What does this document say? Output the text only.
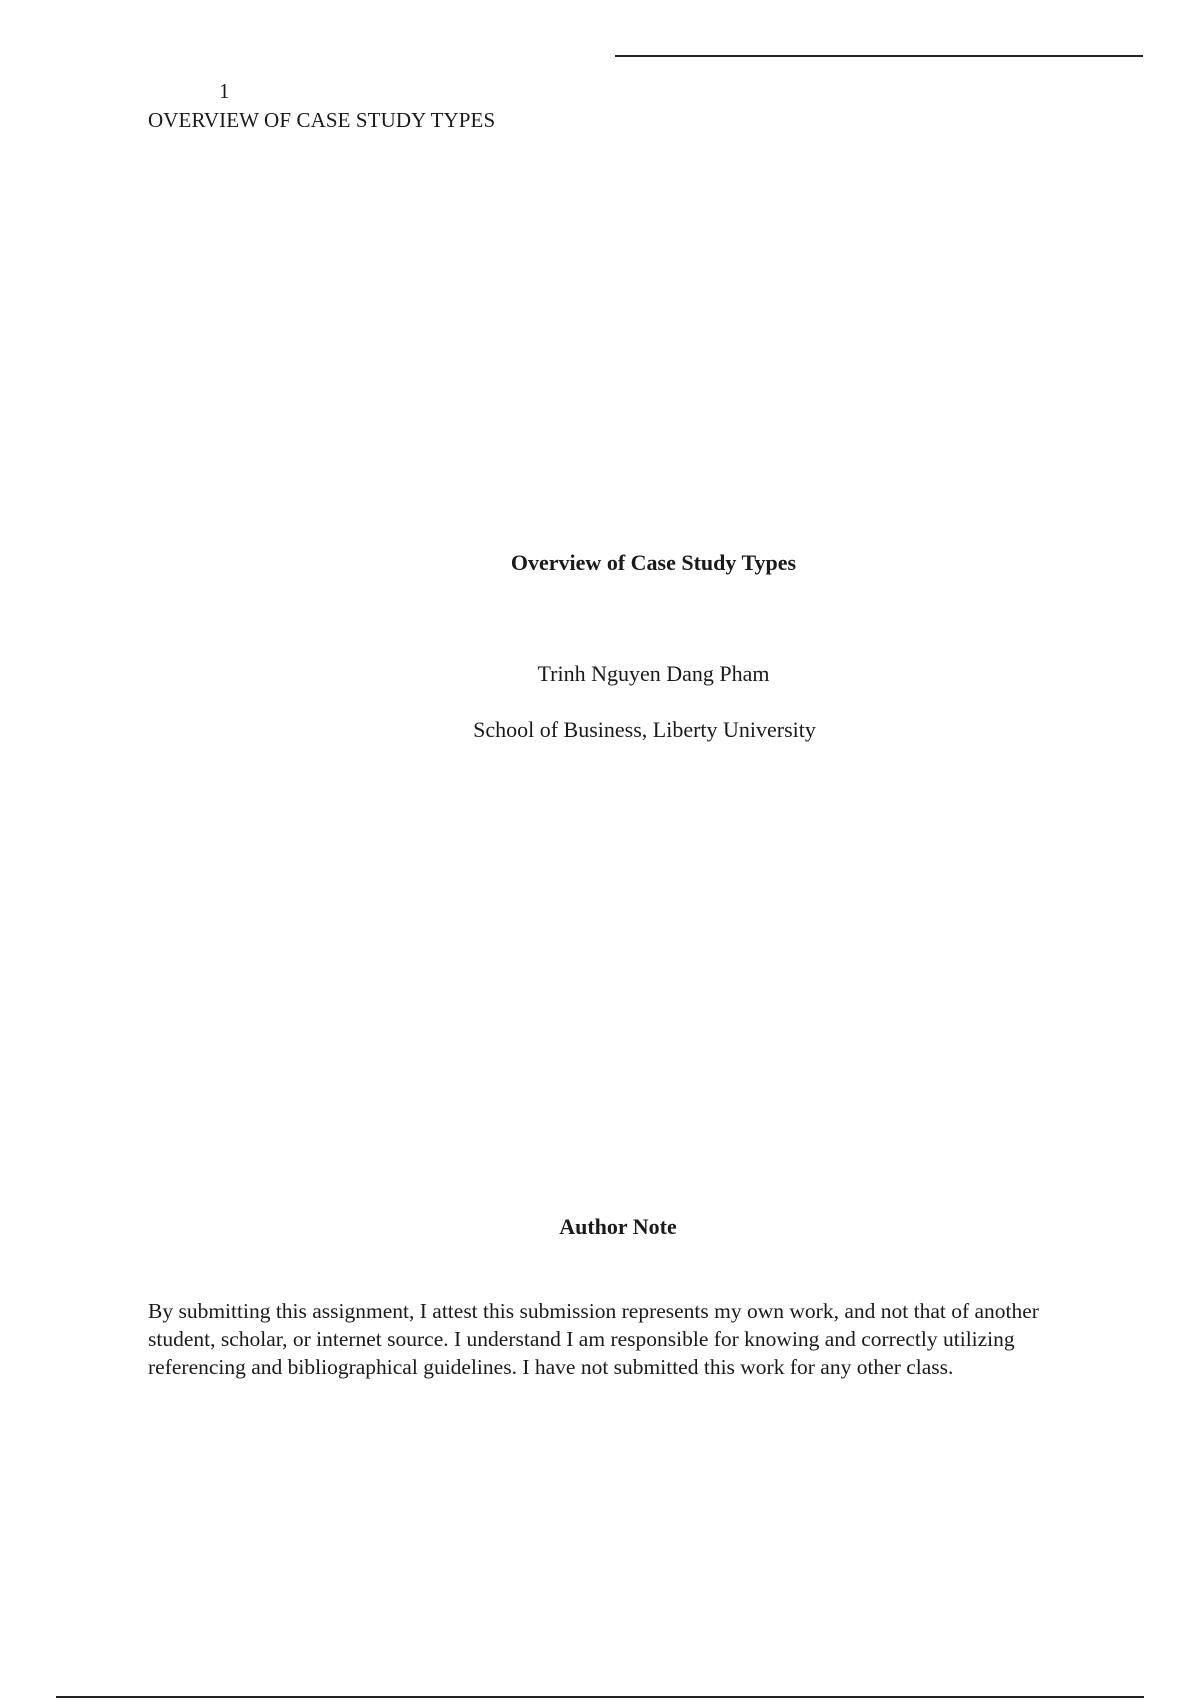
1
OVERVIEW OF CASE STUDY TYPES
Overview of Case Study Types
Trinh Nguyen Dang Pham
School of Business, Liberty University
Author Note
By submitting this assignment, I attest this submission represents my own work, and not that of another student, scholar, or internet source. I understand I am responsible for knowing and correctly utilizing referencing and bibliographical guidelines. I have not submitted this work for any other class.
